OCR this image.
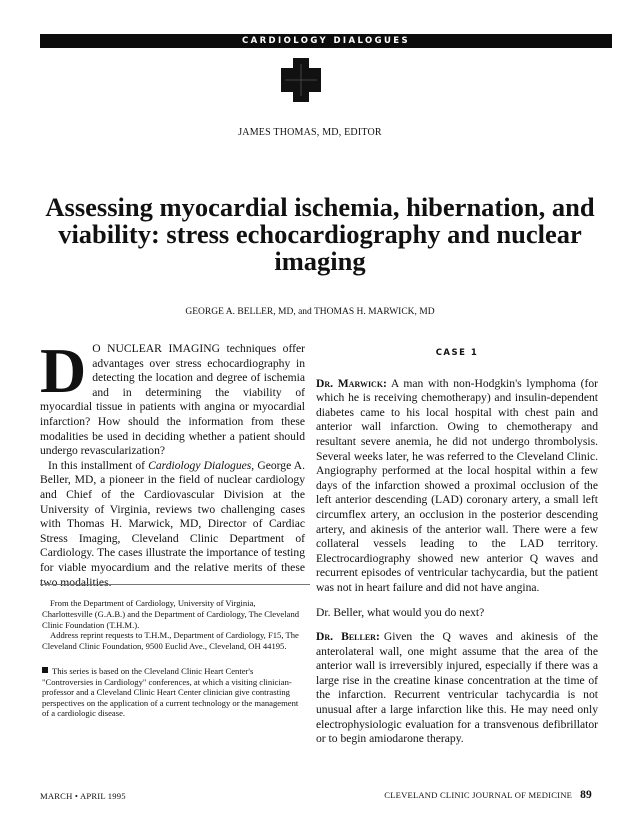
CARDIOLOGY DIALOGUES
JAMES THOMAS, MD, EDITOR
Assessing myocardial ischemia, hibernation, and viability: stress echocardiography and nuclear imaging
GEORGE A. BELLER, MD, and THOMAS H. MARWICK, MD

D O NUCLEAR IMAGING techniques offer advantages over stress echocardiography in detecting the location and degree of ischemia and in determining the viability of myocardial tissue in patients with angina or myocardial infarction? How should the information from these modalities be used in deciding whether a patient should undergo revascularization?

In this installment of Cardiology Dialogues, George A. Beller, MD, a pioneer in the field of nuclear cardiology and Chief of the Cardiovascular Division at the University of Virginia, reviews two challenging cases with Thomas H. Marwick, MD, Director of Cardiac Stress Imaging, Cleveland Clinic Department of Cardiology. The cases illustrate the importance of testing for viable myocardium and the relative merits of these two modalities.

From the Department of Cardiology, University of Virginia, Charlottesville (G.A.B.) and the Department of Cardiology, The Cleveland Clinic Foundation (T.H.M.).

Address reprint requests to T.H.M., Department of Cardiology, F15, The Cleveland Clinic Foundation, 9500 Euclid Ave., Cleveland, OH 44195.

This series is based on the Cleveland Clinic Heart Center's "Controversies in Cardiology" conferences, at which a visiting clinician-professor and a Cleveland Clinic Heart Center clinician give contrasting perspectives on the application of a current technology or the management of a cardiologic disease.
CASE 1

Dr. Marwick: A man with non-Hodgkin's lymphoma (for which he is receiving chemotherapy) and insulin-dependent diabetes came to his local hospital with chest pain and anterior wall infarction. Owing to chemotherapy and resultant severe anemia, he did not undergo thrombolysis. Several weeks later, he was referred to the Cleveland Clinic. Angiography performed at the local hospital within a few days of the infarction showed a proximal occlusion of the left anterior descending (LAD) coronary artery, a small left circumflex artery, an occlusion in the posterior descending artery, and akinesis of the anterior wall. There were a few collateral vessels leading to the LAD territory. Electrocardiography showed new anterior Q waves and recurrent episodes of ventricular tachycardia, but the patient was not in heart failure and did not have angina.

Dr. Beller, what would you do next?

Dr. Beller: Given the Q waves and akinesis of the anterolateral wall, one might assume that the area of the anterior wall is irreversibly injured, especially if there was a large rise in the creatine kinase concentration at the time of the infarction. Recurrent ventricular tachycardia is not unusual after a large infarction like this. He may need only electrophysiologic evaluation for a transvenous defibrillator or to begin amiodarone therapy.

MARCH • APRIL 1995	CLEVELAND CLINIC JOURNAL OF MEDICINE 89
